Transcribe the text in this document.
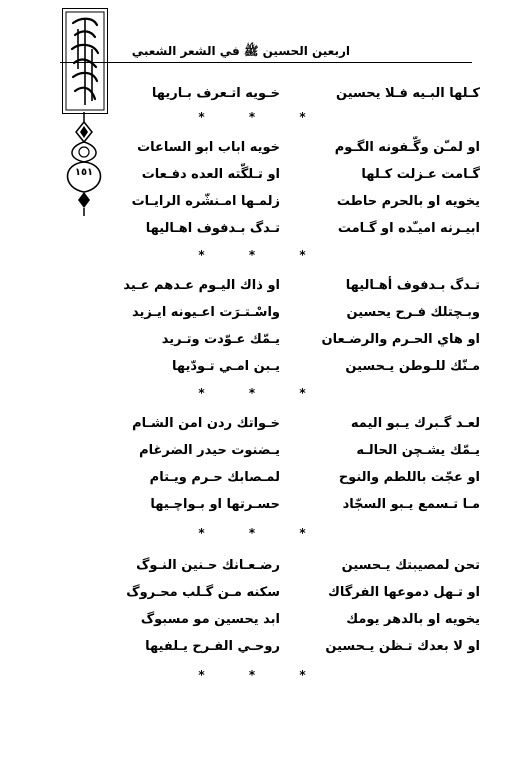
اربعين الحسين ﷺ في الشعر الشعبي
١٥١
كـلها البـيه فـلا يحسين
خـويه اتـعرف بـاريها
* * *
او لمـّن وگّـفونه الگـوم
خويه اباب ابو الساعات
گـامت عـزلت كـلها
او تـلگّته العده دفـعات
يخويه او بالحرم حاطت
زلمـها امـنشّره الرايـات
ابيـرنه اميـّده او گـامت
تـدگ بـدفوف اهـاليها
* * *
تـدگ بـدفوف أهـاليها
او ذاك اليـوم عـدهم عـيد
وبـچتلك فـرح يحسين
واسْـتـرَت اعـيونه ايـزيد
او هاي الحـرم والرضـعان
يـمّك عـوّدت وتـريد
مـنّك للـوطن يـحسين
يـبن امـي تـودّيها
* * *
لعـد گـبرك يـبو اليمه
خـواتك ردن امن الشـام
يـمّك يشـچن الحالـه
يـضنوت حيدر الضرغام
او عجّت باللطم والنوح
لمـصابك حـرم ويـتام
مـا تـسمع يـبو السجّاد
حسـرتها او بـواچـيها
* * *
تحن لمصيبتك يـحسين
رضـعـانك حـنين النـوگ
او تـهل دموعها الفرگاك
سكنه مـن گـلب محـروگ
يخويه او بالدهر يومك
ابد يحسين مو مسبوگ
او لا بعدك تـظن يـحسين
روحـي الفـرح يـلفيها
* * *
